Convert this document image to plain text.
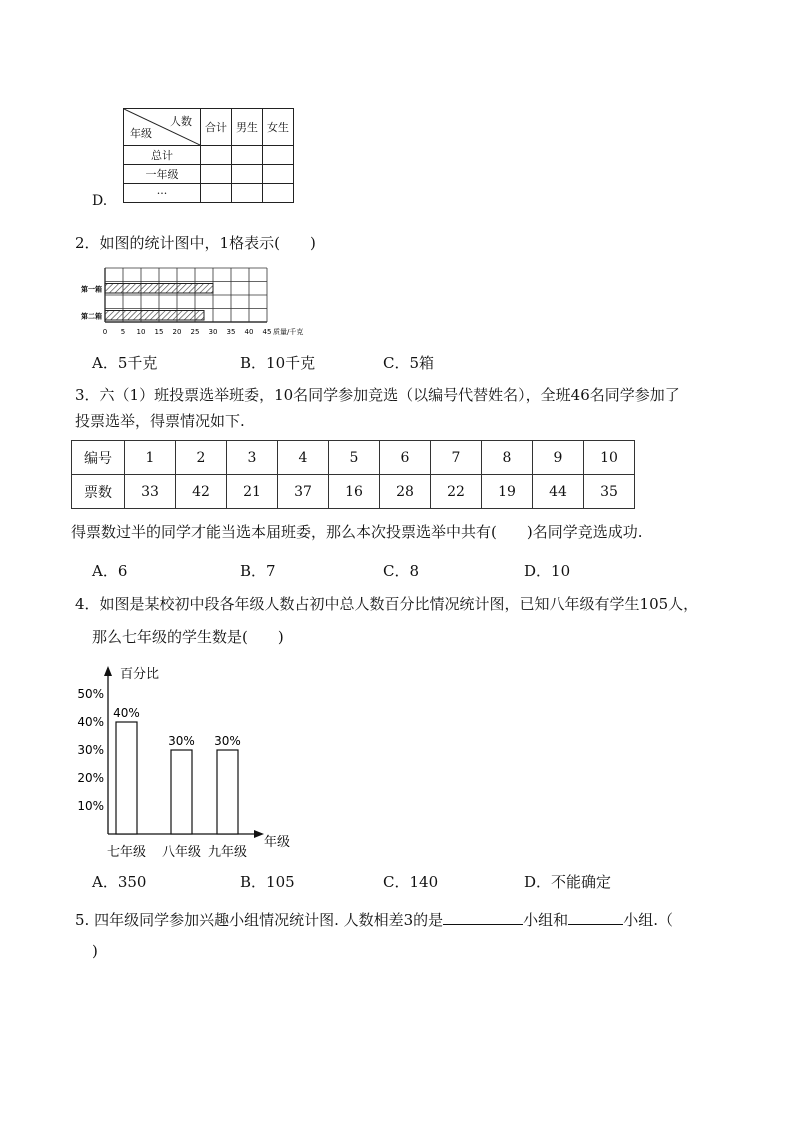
D.
人数
年级	合计	男生	女生
总计			
一年级			
···			
2．如图的统计图中，1格表示(　　)
第一箱
第二箱
0 5 10 15 20 25 30 35 40 45 质量/千克
A．5千克	B．10千克	C．5箱
3．六（1）班投票选举班委，10名同学参加竞选（以编号代替姓名），全班46名同学参加了
投票选举，得票情况如下.
编号	1	2	3	4	5	6	7	8	9	10
票数	33	42	21	37	16	28	22	19	44	35
得票数过半的同学才能当选本届班委，那么本次投票选举中共有(　　)名同学竞选成功.
A．6	B．7	C．8	D．10
4．如图是某校初中段各年级人数占初中总人数百分比情况统计图，已知八年级有学生105人，
那么七年级的学生数是(　　)
百分比
年级
10%
20%
30%
40%
50%
40%
七年级
30%
八年级
30%
九年级
A．350	B．105	C．140	D．不能确定
5. 四年级同学参加兴趣小组情况统计图. 人数相差3的是	小组和	小组.（
)
